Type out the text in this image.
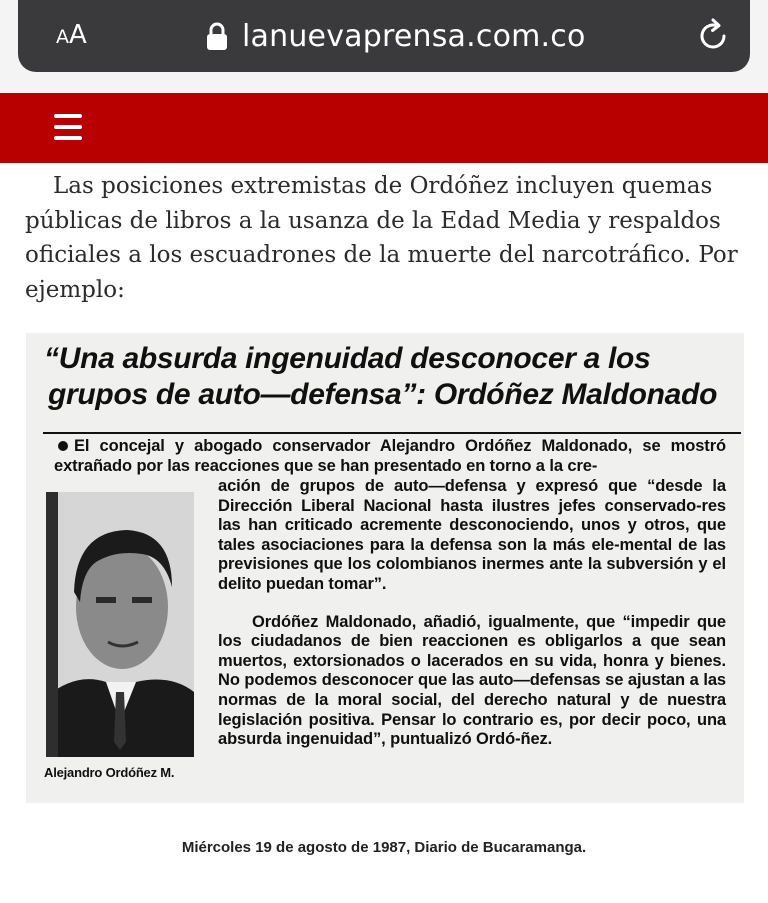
AA	lanuevaprensa.com.co

Las posiciones extremistas de Ordóñez incluyen quemas públicas de libros a la usanza de la Edad Media y respaldos oficiales a los escuadrones de la muerte del narcotráfico. Por ejemplo:

“Una absurda ingenuidad desconocer a los
grupos de auto—defensa”: Ordóñez Maldonado
El concejal y abogado conservador Alejandro Ordóñez Maldonado, se mostró extrañado por las reacciones que se han presentado en torno a la cre-
Alejandro Ordóñez M.

ación de grupos de auto—defensa y expresó que “desde la Dirección Liberal Nacional hasta ilustres jefes conservado-res las han criticado acremente desconociendo, unos y otros, que tales asociaciones para la defensa son la más ele-mental de las previsiones que los colombianos inermes ante la subversión y el delito puedan tomar”.

Ordóñez Maldonado, añadió, igualmente, que “impedir que los ciudadanos de bien reaccionen es obligarlos a que sean muertos, extorsionados o lacerados en su vida, honra y bienes. No podemos desconocer que las auto—defensas se ajustan a las normas de la moral social, del derecho natural y de nuestra legislación positiva. Pensar lo contrario es, por decir poco, una absurda ingenuidad”, puntualizó Ordó-ñez.

Miércoles 19 de agosto de 1987, Diario de Bucaramanga.
